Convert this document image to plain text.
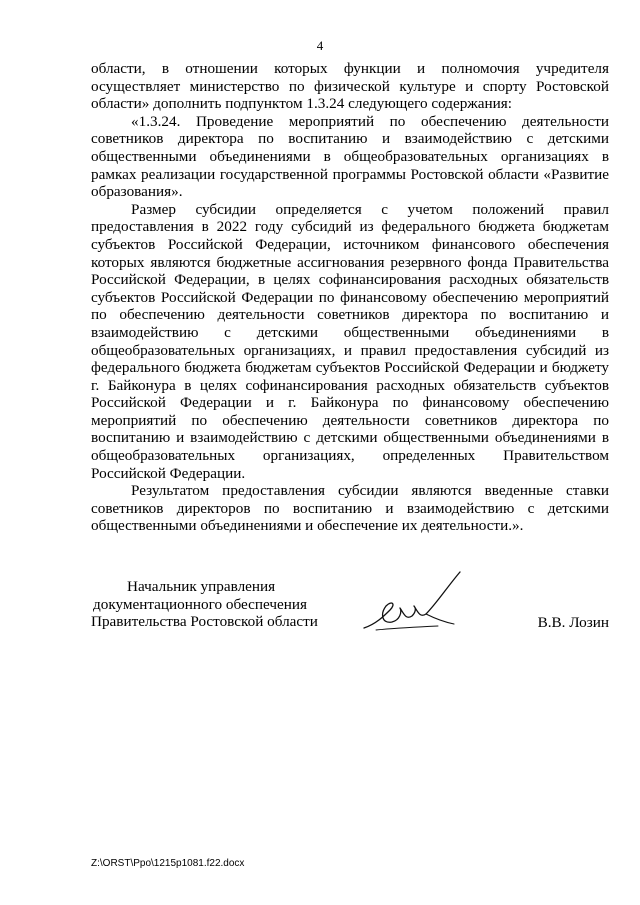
4

области, в отношении которых функции и полномочия учредителя осуществляет министерство по физической культуре и спорту Ростовской области» дополнить подпунктом 1.3.24 следующего содержания:

«1.3.24. Проведение мероприятий по обеспечению деятельности советников директора по воспитанию и взаимодействию с детскими общественными объединениями в общеобразовательных организациях в рамках реализации государственной программы Ростовской области «Развитие образования».

Размер субсидии определяется с учетом положений правил предоставления в 2022 году субсидий из федерального бюджета бюджетам субъектов Российской Федерации, источником финансового обеспечения которых являются бюджетные ассигнования резервного фонда Правительства Российской Федерации, в целях софинансирования расходных обязательств субъектов Российской Федерации по финансовому обеспечению мероприятий по обеспечению деятельности советников директора по воспитанию и взаимодействию с детскими общественными объединениями в общеобразовательных организациях, и правил предоставления субсидий из федерального бюджета бюджетам субъектов Российской Федерации и бюджету г. Байконура в целях софинансирования расходных обязательств субъектов Российской Федерации и г. Байконура по финансовому обеспечению мероприятий по обеспечению деятельности советников директора по воспитанию и взаимодействию с детскими общественными объединениями в общеобразовательных организациях, определенных Правительством Российской Федерации.

Результатом предоставления субсидии являются введенные ставки советников директоров по воспитанию и взаимодействию с детскими общественными объединениями и обеспечение их деятельности.».

Начальник управления
документационного обеспечения
Правительства Ростовской области	В.В. Лозин
Z:\ORST\Ppo\1215p1081.f22.docx
